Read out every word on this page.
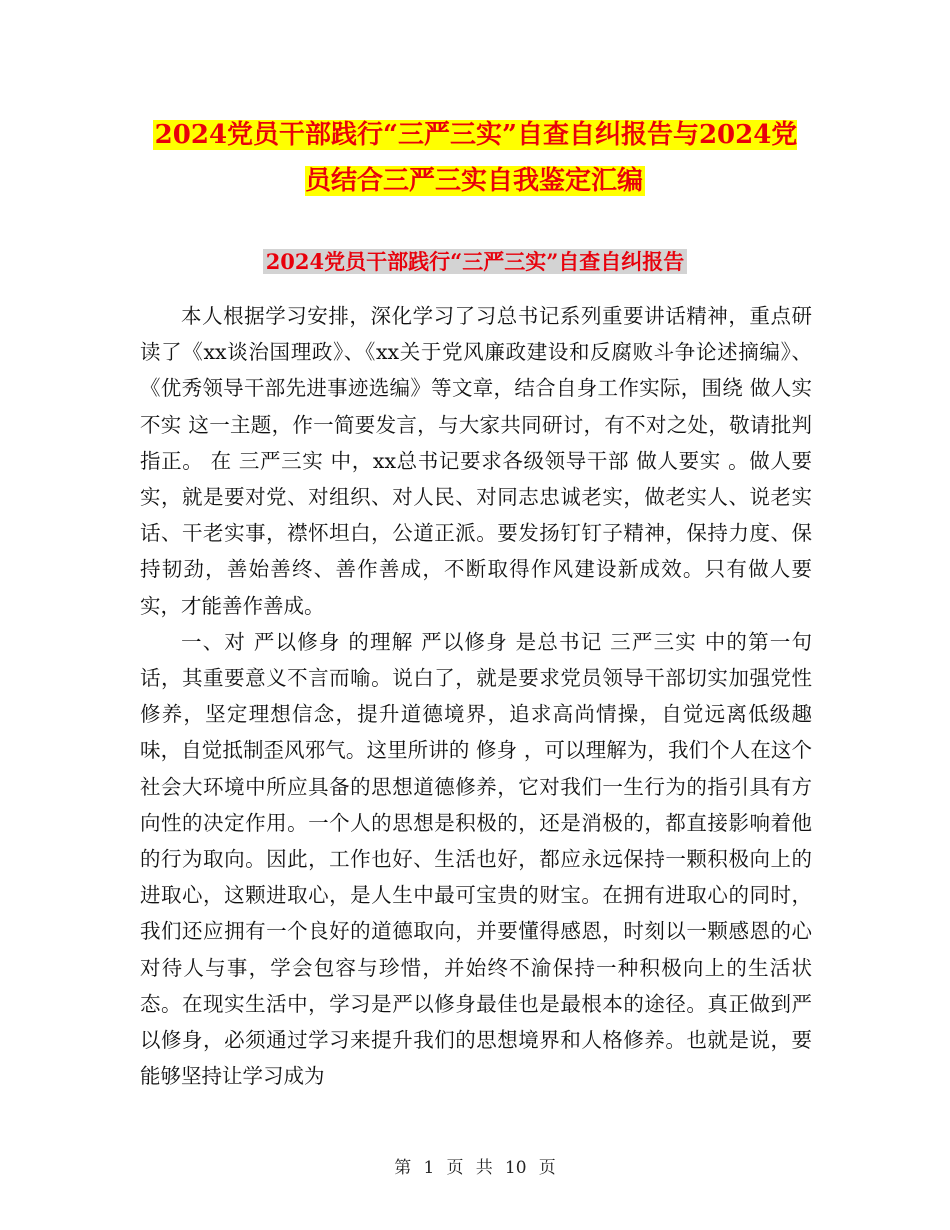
2024党员干部践行“三严三实”自查自纠报告与2024党员结合三严三实自我鉴定汇编
2024党员干部践行“三严三实”自查自纠报告

本人根据学习安排，深化学习了习总书记系列重要讲话精神，重点研读了《xx谈治国理政》、《xx关于党风廉政建设和反腐败斗争论述摘编》、《优秀领导干部先进事迹选编》等文章，结合自身工作实际，围绕 做人实不实 这一主题，作一简要发言，与大家共同研讨，有不对之处，敬请批判指正。 在 三严三实 中，xx总书记要求各级领导干部 做人要实 。做人要实，就是要对党、对组织、对人民、对同志忠诚老实，做老实人、说老实话、干老实事，襟怀坦白，公道正派。要发扬钉钉子精神，保持力度、保持韧劲，善始善终、善作善成，不断取得作风建设新成效。只有做人要实，才能善作善成。

一、对 严以修身 的理解 严以修身 是总书记 三严三实 中的第一句话，其重要意义不言而喻。说白了，就是要求党员领导干部切实加强党性修养，坚定理想信念，提升道德境界，追求高尚情操，自觉远离低级趣味，自觉抵制歪风邪气。这里所讲的 修身 ，可以理解为，我们个人在这个社会大环境中所应具备的思想道德修养，它对我们一生行为的指引具有方向性的决定作用。一个人的思想是积极的，还是消极的，都直接影响着他的行为取向。因此，工作也好、生活也好，都应永远保持一颗积极向上的进取心，这颗进取心，是人生中最可宝贵的财宝。在拥有进取心的同时，我们还应拥有一个良好的道德取向，并要懂得感恩，时刻以一颗感恩的心对待人与事，学会包容与珍惜，并始终不渝保持一种积极向上的生活状态。在现实生活中，学习是严以修身最佳也是最根本的途径。真正做到严以修身，必须通过学习来提升我们的思想境界和人格修养。也就是说，要能够坚持让学习成为

第 1 页 共 10 页
